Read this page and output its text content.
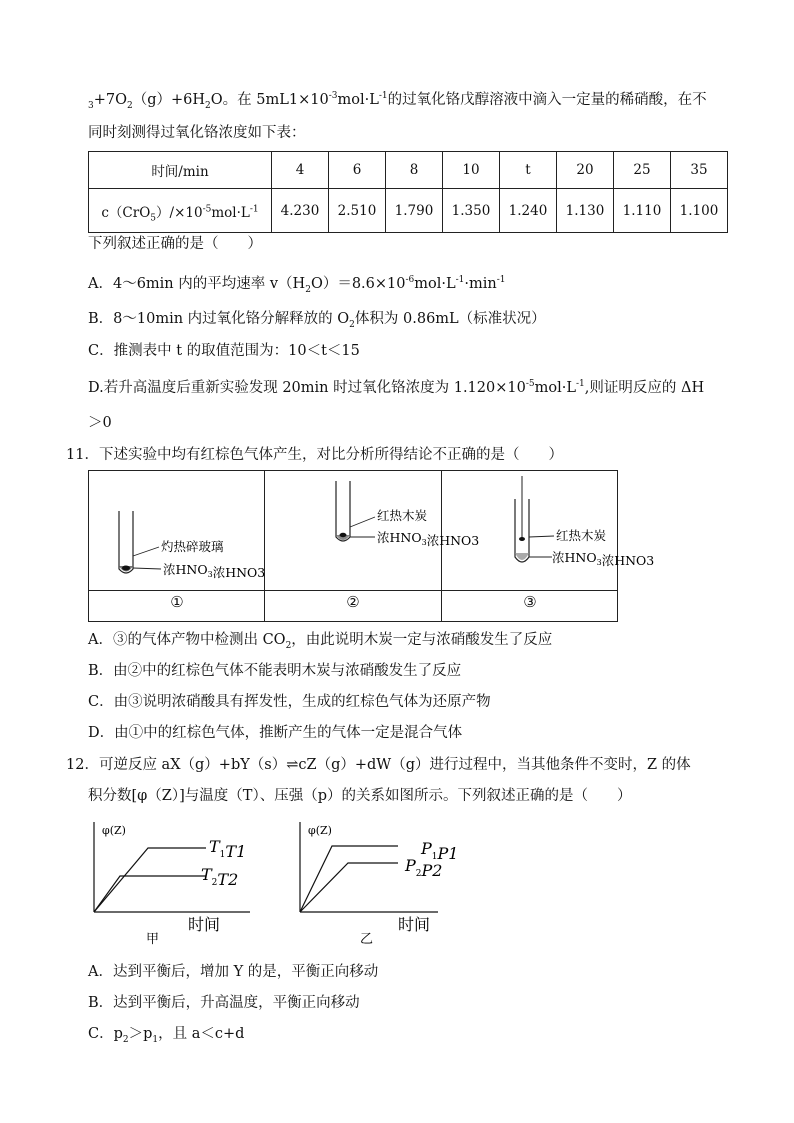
$_3+7O_2(g)+6H_2O$。在 $5mL1\times 10^{-3}mol\cdot L^{-1}$的过氧化铬戊醇溶液中滴入一定量的稀硝酸，在不
同时刻测得过氧化铬浓度如下表：
时间/min	4	6	8	10	t	20	25	35
$c(CrO_5)/\times 10^{-5}mol\cdot L^{-1}$	4.230	2.510	1.790	1.350	1.240	1.130	1.110	1.100
下列叙述正确的是（　　）
A．4～6min 内的平均速率 $v(H_2O)=8.6\times 10^{-6}mol\cdot L^{-1}\cdot\min^{-1}$
B．8～10min 内过氧化铬分解释放的 $O_2$体积为 0.86mL（标准状况）
C．推测表中 t 的取值范围为：10＜t＜15
D.若升高温度后重新实验发现 20min 时过氧化铬浓度为 $1.120\times 10^{-5}mol\cdot L^{-1}$,则证明反应的 ΔH
＞0
11．下述实验中均有红棕色气体产生，对比分析所得结论不正确的是（　　）
灼热碎玻璃
浓$HNO_3$浓HNO3
红热木炭
浓$HNO_3$浓HNO3	红热木炭
浓$HNO_3$浓HNO3
①	②	③
A．③的气体产物中检测出 $CO_2$，由此说明木炭一定与浓硝酸发生了反应
B．由②中的红棕色气体不能表明木炭与浓硝酸发生了反应
C．由③说明浓硝酸具有挥发性，生成的红棕色气体为还原产物
D．由①中的红棕色气体，推断产生的气体一定是混合气体
12．可逆反应 aX（g）+bY（s）⇌cZ（g）+dW（g）进行过程中，当其他条件不变时，Z 的体
积分数[φ（Z）]与温度（T）、压强（p）的关系如图所示。下列叙述正确的是（　　）
φ(Z)
$T_1T1$
$T_2T2$
时间
甲
φ(Z)
$P_1P1$
$P_2P2$
时间
乙
A．达到平衡后，增加 Y 的是，平衡正向移动
B．达到平衡后，升高温度，平衡正向移动
C．$p_2>p_1$，且 a＜c+d
